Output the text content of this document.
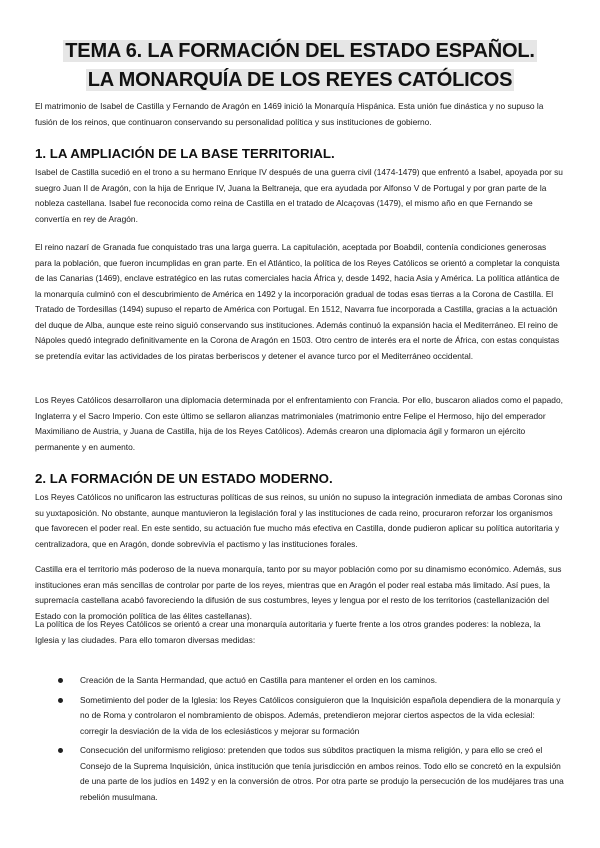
TEMA 6. LA FORMACIÓN DEL ESTADO ESPAÑOL. LA MONARQUÍA DE LOS REYES CATÓLICOS

El matrimonio de Isabel de Castilla y Fernando de Aragón en 1469 inició la Monarquía Hispánica. Esta unión fue dinástica y no supuso la fusión de los reinos, que continuaron conservando su personalidad política y sus instituciones de gobierno.

1. LA AMPLIACIÓN DE LA BASE TERRITORIAL.

Isabel de Castilla sucedió en el trono a su hermano Enrique IV después de una guerra civil (1474-1479) que enfrentó a Isabel, apoyada por su suegro Juan II de Aragón, con la hija de Enrique IV, Juana la Beltraneja, que era ayudada por Alfonso V de Portugal y por gran parte de la nobleza castellana. Isabel fue reconocida como reina de Castilla en el tratado de Alcaçovas (1479), el mismo año en que Fernando se convertía en rey de Aragón.

El reino nazarí de Granada fue conquistado tras una larga guerra. La capitulación, aceptada por Boabdil, contenía condiciones generosas para la población, que fueron incumplidas en gran parte. En el Atlántico, la política de los Reyes Católicos se orientó a completar la conquista de las Canarias (1469), enclave estratégico en las rutas comerciales hacia África y, desde 1492, hacia Asia y América. La política atlántica de la monarquía culminó con el descubrimiento de América en 1492 y la incorporación gradual de todas esas tierras a la Corona de Castilla. El Tratado de Tordesillas (1494) supuso el reparto de América con Portugal. En 1512, Navarra fue incorporada a Castilla, gracias a la actuación del duque de Alba, aunque este reino siguió conservando sus instituciones. Además continuó la expansión hacia el Mediterráneo. El reino de Nápoles quedó integrado definitivamente en la Corona de Aragón en 1503. Otro centro de interés era el norte de África, con estas conquistas se pretendía evitar las actividades de los piratas berberiscos y detener el avance turco por el Mediterráneo occidental.

Los Reyes Católicos desarrollaron una diplomacia determinada por el enfrentamiento con Francia. Por ello, buscaron aliados como el papado, Inglaterra y el Sacro Imperio. Con este último se sellaron alianzas matrimoniales (matrimonio entre Felipe el Hermoso, hijo del emperador Maximiliano de Austria, y Juana de Castilla, hija de los Reyes Católicos). Además crearon una diplomacia ágil y formaron un ejército permanente y en aumento.

2. LA FORMACIÓN DE UN ESTADO MODERNO.

Los Reyes Católicos no unificaron las estructuras políticas de sus reinos, su unión no supuso la integración inmediata de ambas Coronas sino su yuxtaposición. No obstante, aunque mantuvieron la legislación foral y las instituciones de cada reino, procuraron reforzar los organismos que favorecen el poder real. En este sentido, su actuación fue mucho más efectiva en Castilla, donde pudieron aplicar su política autoritaria y centralizadora, que en Aragón, donde sobrevivía el pactismo y las instituciones forales.

Castilla era el territorio más poderoso de la nueva monarquía, tanto por su mayor población como por su dinamismo económico. Además, sus instituciones eran más sencillas de controlar por parte de los reyes, mientras que en Aragón el poder real estaba más limitado. Así pues, la supremacía castellana acabó favoreciendo la difusión de sus costumbres, leyes y lengua por el resto de los territorios (castellanización del Estado con la promoción política de las élites castellanas).

La política de los Reyes Católicos se orientó a crear una monarquía autoritaria y fuerte frente a los otros grandes poderes: la nobleza, la Iglesia y las ciudades. Para ello tomaron diversas medidas:

Creación de la Santa Hermandad, que actuó en Castilla para mantener el orden en los caminos.
Sometimiento del poder de la Iglesia: los Reyes Católicos consiguieron que la Inquisición española dependiera de la monarquía y no de Roma y controlaron el nombramiento de obispos. Además, pretendieron mejorar ciertos aspectos de la vida eclesial: corregir la desviación de la vida de los eclesiásticos y mejorar su formación
Consecución del uniformismo religioso: pretenden que todos sus súbditos practiquen la misma religión, y para ello se creó el Consejo de la Suprema Inquisición, única institución que tenía jurisdicción en ambos reinos. Todo ello se concretó en la expulsión de una parte de los judíos en 1492 y en la conversión de otros. Por otra parte se produjo la persecución de los mudéjares tras una rebelión musulmana.
